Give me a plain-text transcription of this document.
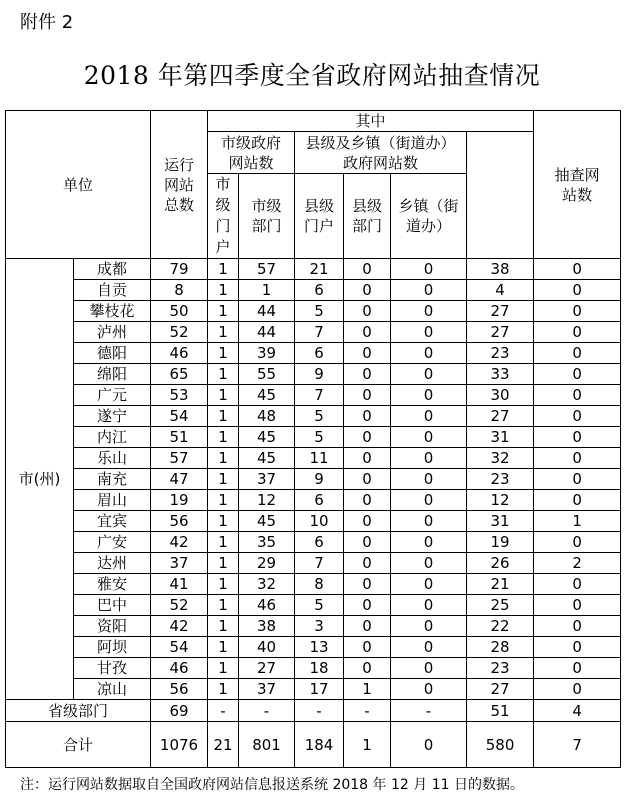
附件 2
2018 年第四季度全省政府网站抽查情况
单位		运行网站总数	其中						抽查网站数	
			市级政府网站数		县级及乡镇（街道办）政府网站数					
			市级门户	市级部门	县级门户	县级部门	乡镇（街道办）			

市(州)	成都	79	1	57	21	0	0	38	0	
	自贡	8	1	1	6	0	0	4	0	
	攀枝花	50	1	44	5	0	0	27	0	
	泸州	52	1	44	7	0	0	27	0	
	德阳	46	1	39	6	0	0	23	0	
	绵阳	65	1	55	9	0	0	33	0	
	广元	53	1	45	7	0	0	30	0	
	遂宁	54	1	48	5	0	0	27	0	
	内江	51	1	45	5	0	0	31	0	
	乐山	57	1	45	11	0	0	32	0	
	南充	47	1	37	9	0	0	23	0	
	眉山	19	1	12	6	0	0	12	0	
	宜宾	56	1	45	10	0	0	31	1	
	广安	42	1	35	6	0	0	19	0	
	达州	37	1	29	7	0	0	26	2	
	雅安	41	1	32	8	0	0	21	0	
	巴中	52	1	46	5	0	0	25	0	
	资阳	42	1	38	3	0	0	22	0	
	阿坝	54	1	40	13	0	0	28	0	
	甘孜	46	1	27	18	0	0	23	0	
	凉山	56	1	37	17	1	0	27	0	
省级部门		69	-	-	-	-	-	51	4	
合计		1076	21	801	184	1	0	580	7	
注：运行网站数据取自全国政府网站信息报送系统 2018 年 12 月 11 日的数据。
